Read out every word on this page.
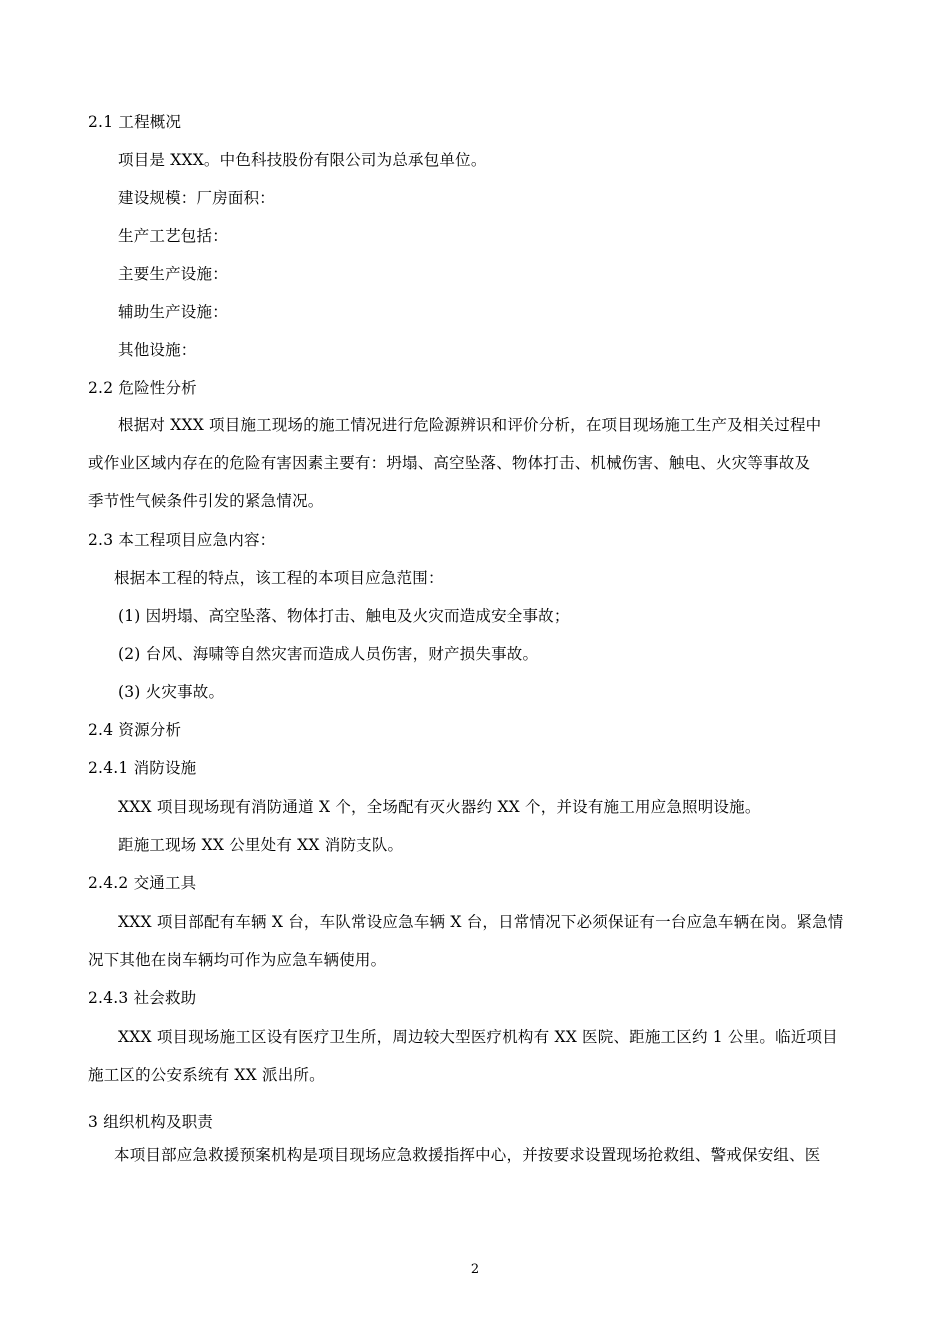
2.1 工程概况
项目是 XXX。中色科技股份有限公司为总承包单位。
建设规模：厂房面积：
生产工艺包括：
主要生产设施：
辅助生产设施：
其他设施：
2.2 危险性分析
根据对 XXX 项目施工现场的施工情况进行危险源辨识和评价分析，在项目现场施工生产及相关过程中
或作业区域内存在的危险有害因素主要有：坍塌、高空坠落、物体打击、机械伤害、触电、火灾等事故及
季节性气候条件引发的紧急情况。
2.3 本工程项目应急内容：
根据本工程的特点，该工程的本项目应急范围：
(1) 因坍塌、高空坠落、物体打击、触电及火灾而造成安全事故；
(2) 台风、海啸等自然灾害而造成人员伤害，财产损失事故。
(3) 火灾事故。
2.4 资源分析
2.4.1 消防设施
XXX 项目现场现有消防通道 X 个，全场配有灭火器约 XX 个，并设有施工用应急照明设施。
距施工现场 XX 公里处有 XX 消防支队。
2.4.2 交通工具
XXX 项目部配有车辆 X 台，车队常设应急车辆 X 台，日常情况下必须保证有一台应急车辆在岗。紧急情
况下其他在岗车辆均可作为应急车辆使用。
2.4.3 社会救助
XXX 项目现场施工区设有医疗卫生所，周边较大型医疗机构有 XX 医院、距施工区约 1 公里。临近项目
施工区的公安系统有 XX 派出所。
3 组织机构及职责
本项目部应急救援预案机构是项目现场应急救援指挥中心，并按要求设置现场抢救组、警戒保安组、医
2
